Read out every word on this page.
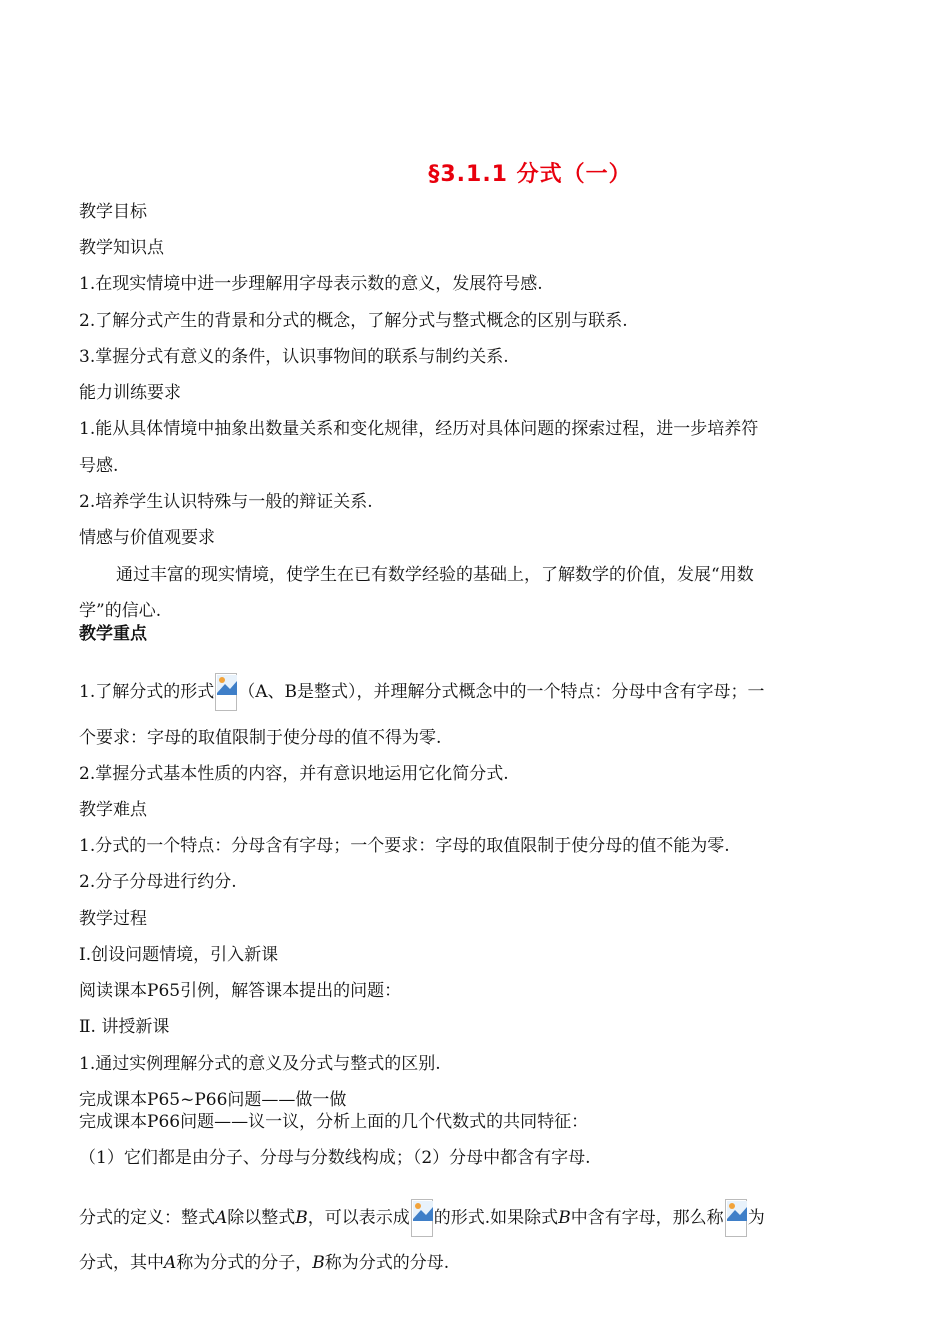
§3.1.1 分式（一）
教学目标
教学知识点
1.在现实情境中进一步理解用字母表示数的意义，发展符号感.
2.了解分式产生的背景和分式的概念，了解分式与整式概念的区别与联系.
3.掌握分式有意义的条件，认识事物间的联系与制约关系.
能力训练要求
1.能从具体情境中抽象出数量关系和变化规律，经历对具体问题的探索过程，进一步培养符
号感.
2.培养学生认识特殊与一般的辩证关系.
情感与价值观要求
通过丰富的现实情境，使学生在已有数学经验的基础上，了解数学的价值，发展“用数
学”的信心.
教学重点
1.了解分式的形式 （A、B是整式），并理解分式概念中的一个特点：分母中含有字母；一
个要求：字母的取值限制于使分母的值不得为零.
2.掌握分式基本性质的内容，并有意识地运用它化简分式.
教学难点
1.分式的一个特点：分母含有字母；一个要求：字母的取值限制于使分母的值不能为零.
2.分子分母进行约分.
教学过程
Ⅰ.创设问题情境，引入新课
阅读课本P65引例，解答课本提出的问题：
Ⅱ. 讲授新课
1.通过实例理解分式的意义及分式与整式的区别.
完成课本P65~P66问题——做一做
完成课本P66问题——议一议，分析上面的几个代数式的共同特征：
（1）它们都是由分子、分母与分数线构成；（2）分母中都含有字母.
分式的定义：整式A除以整式B，可以表示成 的形式.如果除式B中含有字母，那么称 为
分式，其中A称为分式的分子，B称为分式的分母.
